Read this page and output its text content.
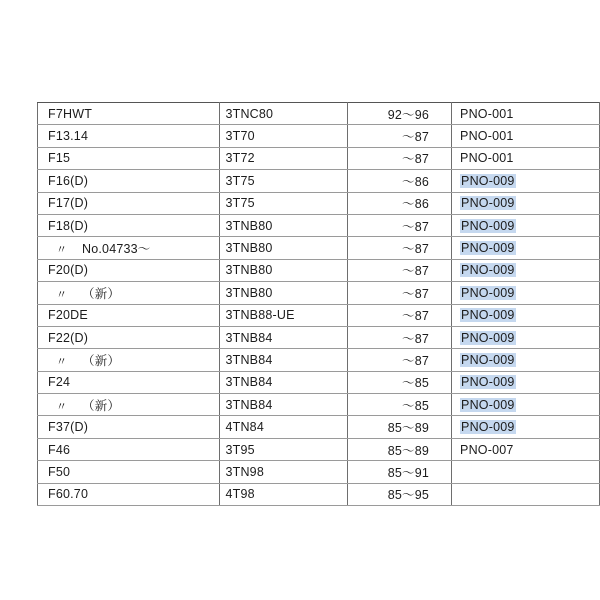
F7HWT	3TNC80	92～96	PNO-001
F13.14	3T70	～87	PNO-001
F15	3T72	～87	PNO-001
F16(D)	3T75	～86	PNO-009
F17(D)	3T75	～86	PNO-009
F18(D)	3TNB80	～87	PNO-009
〃 No.04733～	3TNB80	～87	PNO-009
F20(D)	3TNB80	～87	PNO-009
〃 （新）	3TNB80	～87	PNO-009
F20DE	3TNB88-UE	～87	PNO-009
F22(D)	3TNB84	～87	PNO-009
〃 （新）	3TNB84	～87	PNO-009
F24	3TNB84	～85	PNO-009
〃 （新）	3TNB84	～85	PNO-009
F37(D)	4TN84	85～89	PNO-009
F46	3T95	85～89	PNO-007
F50	3TN98	85～91	
F60.70	4T98	85～95	
